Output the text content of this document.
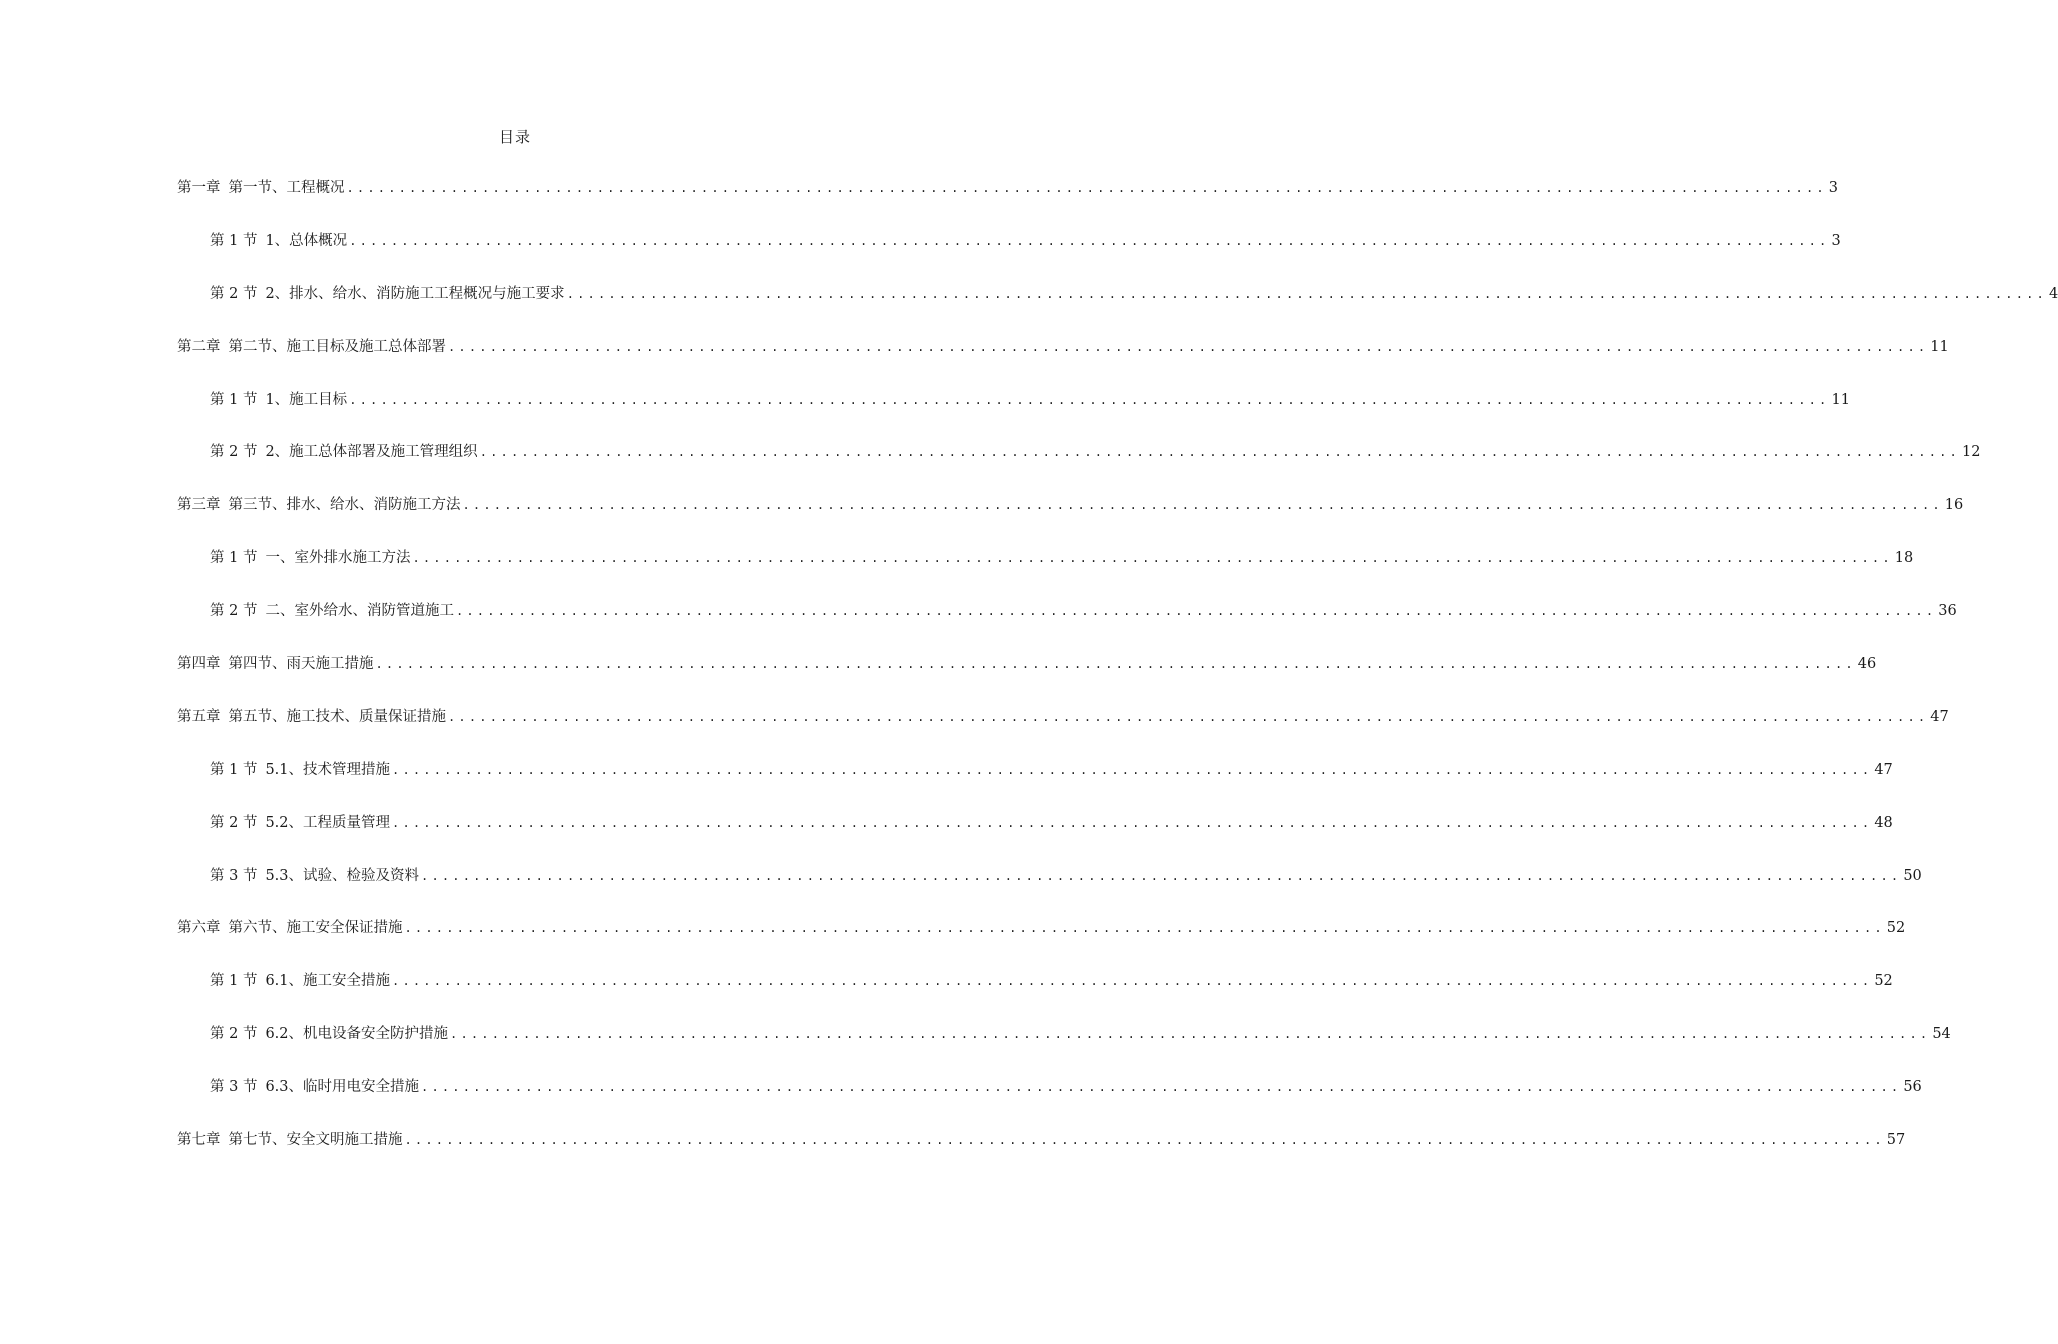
目录
第一章 第一节、工程概况 .............................................................................................................................................. 3
第 1 节 1、总体概况 .............................................................................................................................................. 3
第 2 节 2、排水、给水、消防施工工程概况与施工要求 .............................................................................................................................................. 4
第二章 第二节、施工目标及施工总体部署 .............................................................................................................................................. 11
第 1 节 1、施工目标 .............................................................................................................................................. 11
第 2 节 2、施工总体部署及施工管理组织 .............................................................................................................................................. 12
第三章 第三节、排水、给水、消防施工方法 .............................................................................................................................................. 16
第 1 节 一、室外排水施工方法 .............................................................................................................................................. 18
第 2 节 二、室外给水、消防管道施工 .............................................................................................................................................. 36
第四章 第四节、雨天施工措施 .............................................................................................................................................. 46
第五章 第五节、施工技术、质量保证措施 .............................................................................................................................................. 47
第 1 节 5.1、技术管理措施 .............................................................................................................................................. 47
第 2 节 5.2、工程质量管理 .............................................................................................................................................. 48
第 3 节 5.3、试验、检验及资料 .............................................................................................................................................. 50
第六章 第六节、施工安全保证措施 .............................................................................................................................................. 52
第 1 节 6.1、施工安全措施 .............................................................................................................................................. 52
第 2 节 6.2、机电设备安全防护措施 .............................................................................................................................................. 54
第 3 节 6.3、临时用电安全措施 .............................................................................................................................................. 56
第七章 第七节、安全文明施工措施 .............................................................................................................................................. 57
